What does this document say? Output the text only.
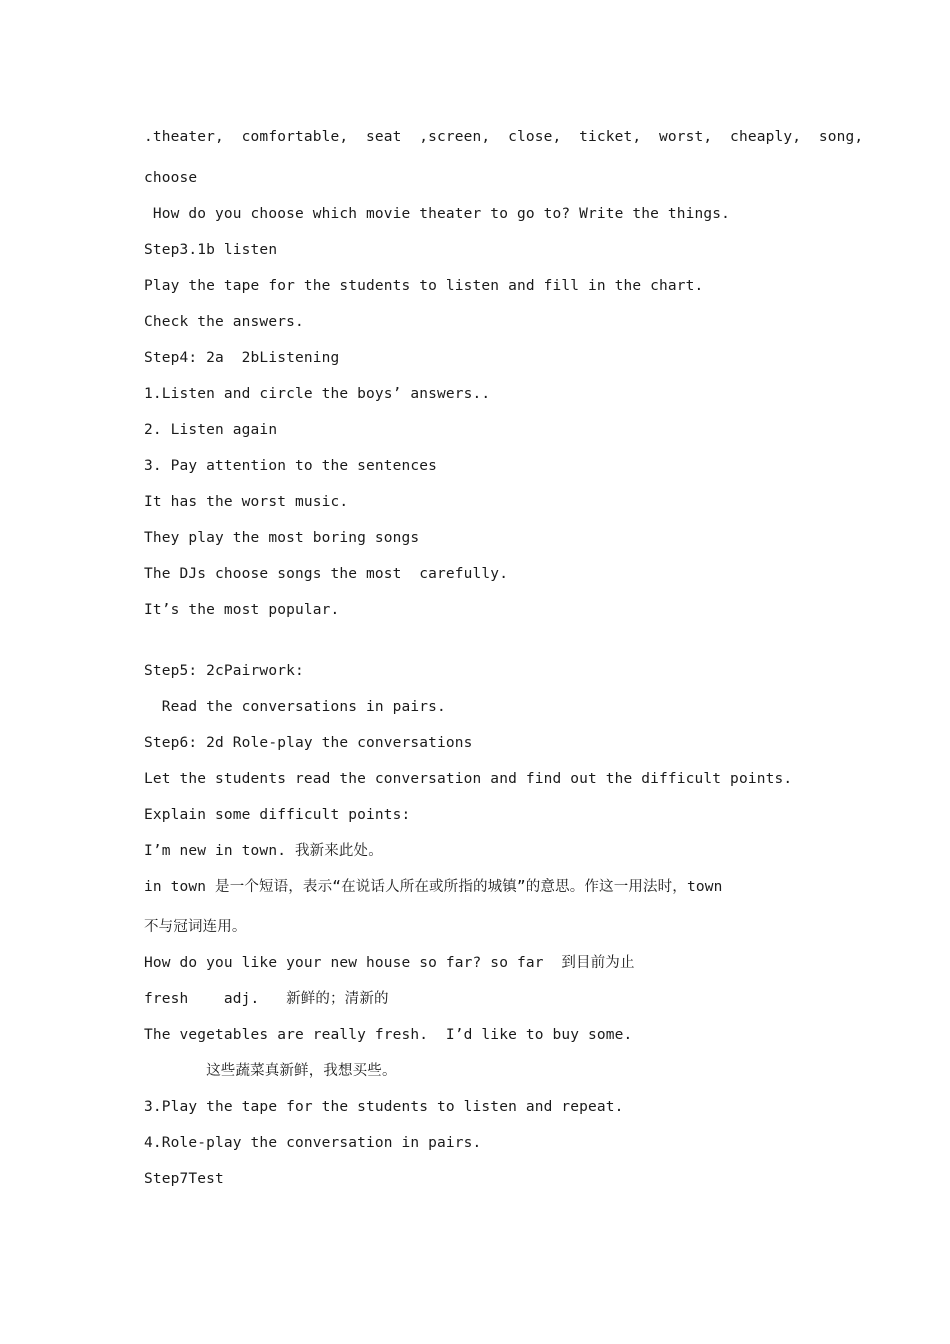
.theater,  comfortable,  seat  ,screen,  close,  ticket,  worst,  cheaply,  song,
choose
How do you choose which movie theater to go to? Write the things.
Step3.1b listen
Play the tape for the students to listen and fill in the chart.
Check the answers.
Step4: 2a  2bListening
1.Listen and circle the boys’ answers..
2. Listen again
3. Pay attention to the sentences
It has the worst music.
They play the most boring songs
The DJs choose songs the most  carefully.
It’s the most popular.
Step5: 2cPairwork:
Read the conversations in pairs.
Step6: 2d Role-play the conversations
Let the students read the conversation and find out the difficult points.
Explain some difficult points:
I’m new in town. 我新来此处。
in town 是一个短语，表示“在说话人所在或所指的城镇”的意思。作这一用法时，town
不与冠词连用。
How do you like your new house so far? so far  到目前为止
fresh    adj.   新鲜的；清新的
The vegetables are really fresh.  I’d like to buy some.
这些蔬菜真新鲜，我想买些。
3.Play the tape for the students to listen and repeat.
4.Role-play the conversation in pairs.
Step7Test
